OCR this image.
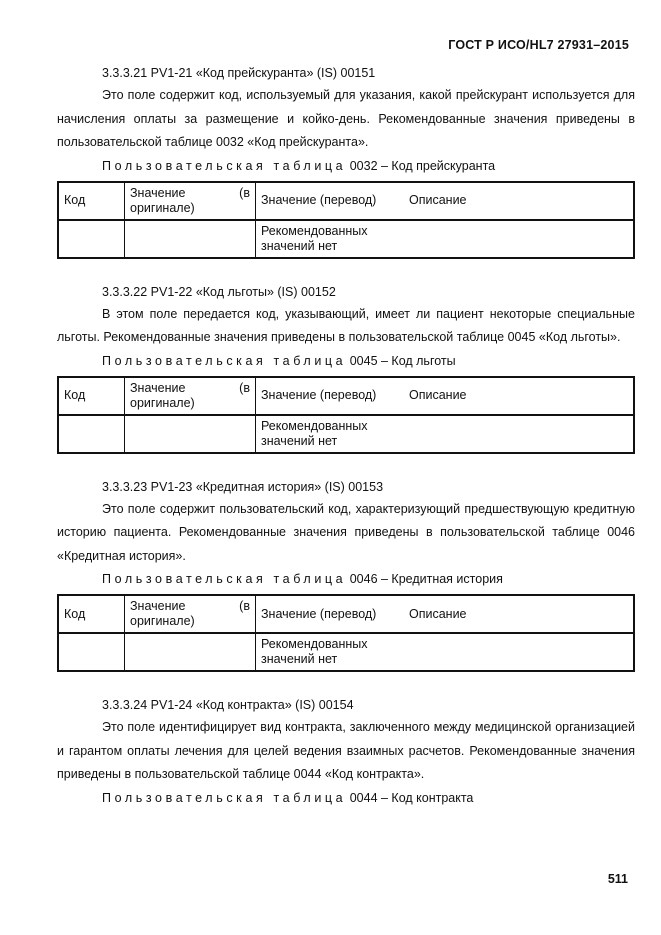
ГОСТ Р ИСО/HL7 27931–2015
3.3.3.21 PV1-21 «Код прейскуранта» (IS) 00151

Это поле содержит код, используемый для указания, какой прейскурант используется для начисления оплаты за размещение и койко-день. Рекомендованные значения приведены в пользовательской таблице 0032 «Код прейскуранта».

Пользовательская таблица 0032 – Код прейскуранта
Код	Значение (в оригинале)	Значение (перевод)	Описание
		Рекомендованных значений нет	
3.3.3.22 PV1-22 «Код льготы» (IS) 00152

В этом поле передается код, указывающий, имеет ли пациент некоторые специальные льготы. Рекомендованные значения приведены в пользовательской таблице 0045 «Код льготы».

Пользовательская таблица 0045 – Код льготы
Код	Значение (в оригинале)	Значение (перевод)	Описание
		Рекомендованных значений нет	
3.3.3.23 PV1-23 «Кредитная история» (IS) 00153

Это поле содержит пользовательский код, характеризующий предшествующую кредитную историю пациента. Рекомендованные значения приведены в пользовательской таблице 0046 «Кредитная история».

Пользовательская таблица 0046 – Кредитная история
Код	Значение (в оригинале)	Значение (перевод)	Описание
		Рекомендованных значений нет	
3.3.3.24 PV1-24 «Код контракта» (IS) 00154

Это поле идентифицирует вид контракта, заключенного между медицинской организацией и гарантом оплаты лечения для целей ведения взаимных расчетов. Рекомендованные значения приведены в пользовательской таблице 0044 «Код контракта».

Пользовательская таблица 0044 – Код контракта
511
